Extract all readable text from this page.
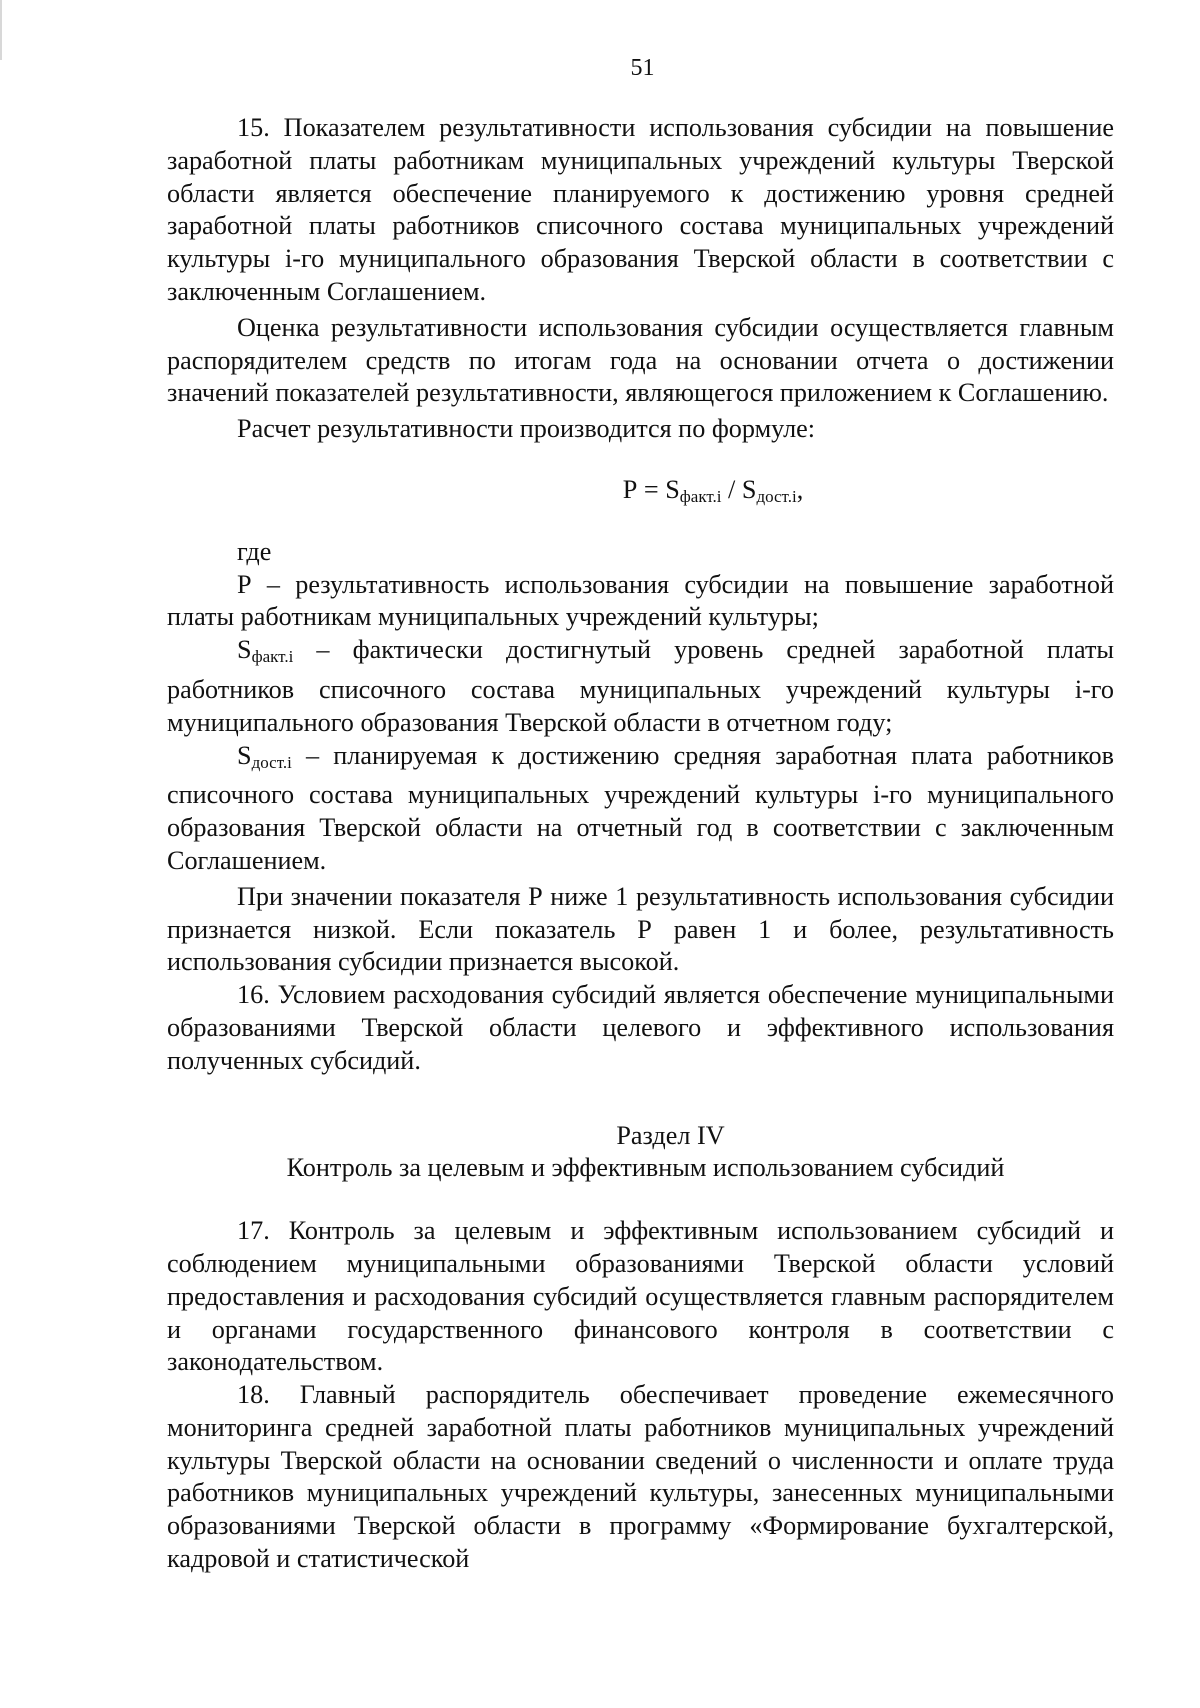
51

15. Показателем результативности использования субсидии на повышение заработной платы работникам муниципальных учреждений культуры Тверской области является обеспечение планируемого к достижению уровня средней заработной платы работников списочного состава муниципальных учреждений культуры i-го муниципального образования Тверской области в соответствии с заключенным Соглашением.

Оценка результативности использования субсидии осуществляется главным распорядителем средств по итогам года на основании отчета о достижении значений показателей результативности, являющегося приложением к Соглашению.

Расчет результативности производится по формуле:

$Р = S_{факт.i} / S_{дост.i}$,

где

Р – результативность использования субсидии на повышение заработной платы работникам муниципальных учреждений культуры;

$S_{факт.i}$ – фактически достигнутый уровень средней заработной платы работников списочного состава муниципальных учреждений культуры i-го муниципального образования Тверской области в отчетном году;

$S_{дост.i}$ – планируемая к достижению средняя заработная плата работников списочного состава муниципальных учреждений культуры i-го муниципального образования Тверской области на отчетный год в соответствии с заключенным Соглашением.

При значении показателя Р ниже 1 результативность использования субсидии признается низкой. Если показатель Р равен 1 и более, результативность использования субсидии признается высокой.

16. Условием расходования субсидий является обеспечение муниципальными образованиями Тверской области целевого и эффективного использования полученных субсидий.

Раздел IV

Контроль за целевым и эффективным использованием субсидий

17. Контроль за целевым и эффективным использованием субсидий и соблюдением муниципальными образованиями Тверской области условий предоставления и расходования субсидий осуществляется главным распорядителем и органами государственного финансового контроля в соответствии с законодательством.

18. Главный распорядитель обеспечивает проведение ежемесячного мониторинга средней заработной платы работников муниципальных учреждений культуры Тверской области на основании сведений о численности и оплате труда работников муниципальных учреждений культуры, занесенных муниципальными образованиями Тверской области в программу «Формирование бухгалтерской, кадровой и статистической
